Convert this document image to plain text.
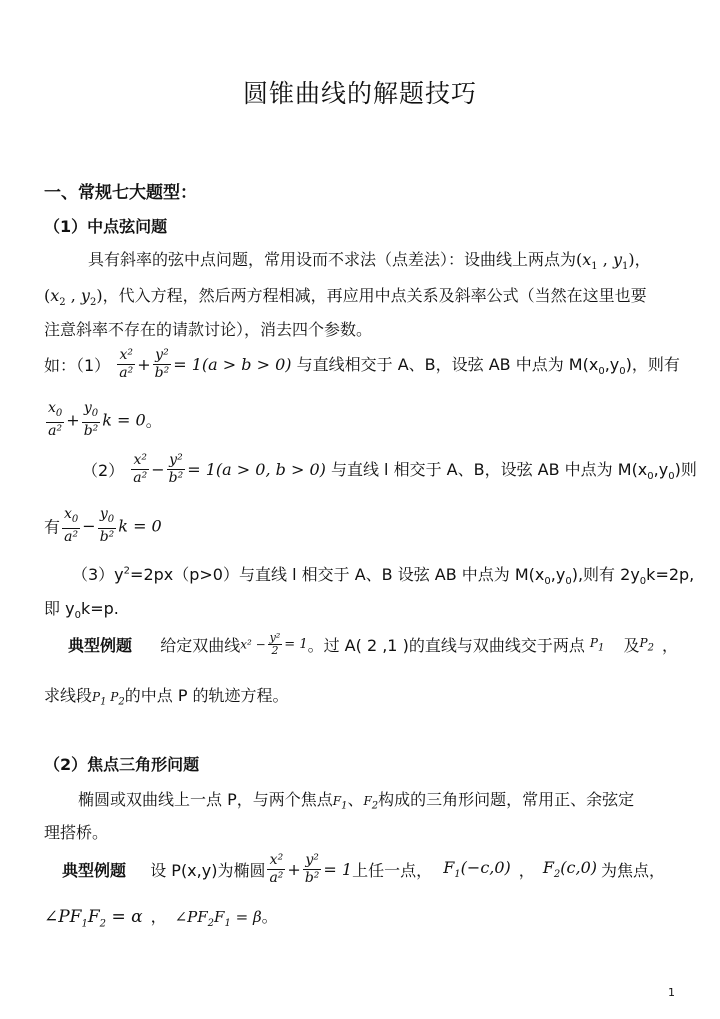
圆锥曲线的解题技巧
一、常规七大题型：
（1）中点弦问题
具有斜率的弦中点问题，常用设而不求法（点差法）：设曲线上两点为($x_1$ , $y_1$)，
($x_2$ , $y_2$)，代入方程，然后两方程相减，再应用中点关系及斜率公式（当然在这里也要
注意斜率不存在的请款讨论），消去四个参数。
如：$(1) \frac{\text{x²}}{\text{a²}} + \frac{\text{y²}}{\text{b²}} = 1(a > b > 0)$ 与直线相交于 A、B，设弦 AB 中点为 $M(x_0,y_0)$，则有
$\frac{x_0}{\text{a²}} + \frac{y_0}{\text{b²}}$ k = 0。
$(2) \frac{\text{x²}}{\text{a²}} - \frac{\text{y²}}{\text{b²}} = 1(a > 0$, b > 0) 与直线 l 相交于 A、B，设弦 AB 中点为 $M(x_0,y_0)$则
有 $\frac{x_0}{\text{a²}} - \frac{y_0}{\text{b²}}$ k = 0
$(3)y^2=2px(p>0)$与直线 l 相交于 A、B 设弦 AB 中点为 $M(x_0,y_0)$,则有 $2y_0k=2p$,
即 $y_0k=p$.
典型例题 给定双曲线$x^2 - \frac{\text{y²}}{2} = 1$。过 A( 2 ,1 )的直线与双曲线交于两点 $P_1$ 及$P_2$ ，
求线段$P_1$ $P_2$的中点 P 的轨迹方程。
（2）焦点三角形问题
椭圆或双曲线上一点 P，与两个焦点$F_1$、$F_2$构成的三角形问题，常用正、余弦定
理搭桥。
典型例题 设 P(x,y)为椭圆 $\frac{\text{x²}}{\text{a²}} + \frac{\text{y²}}{\text{b²}} = 1$上任一点， $F_1(-c,0)$ ， $F_2(c,0)$ 为焦点，
$\angle PF_1F_2 = \alpha$ ， $\angle PF_2F_1 = \beta$。
1
